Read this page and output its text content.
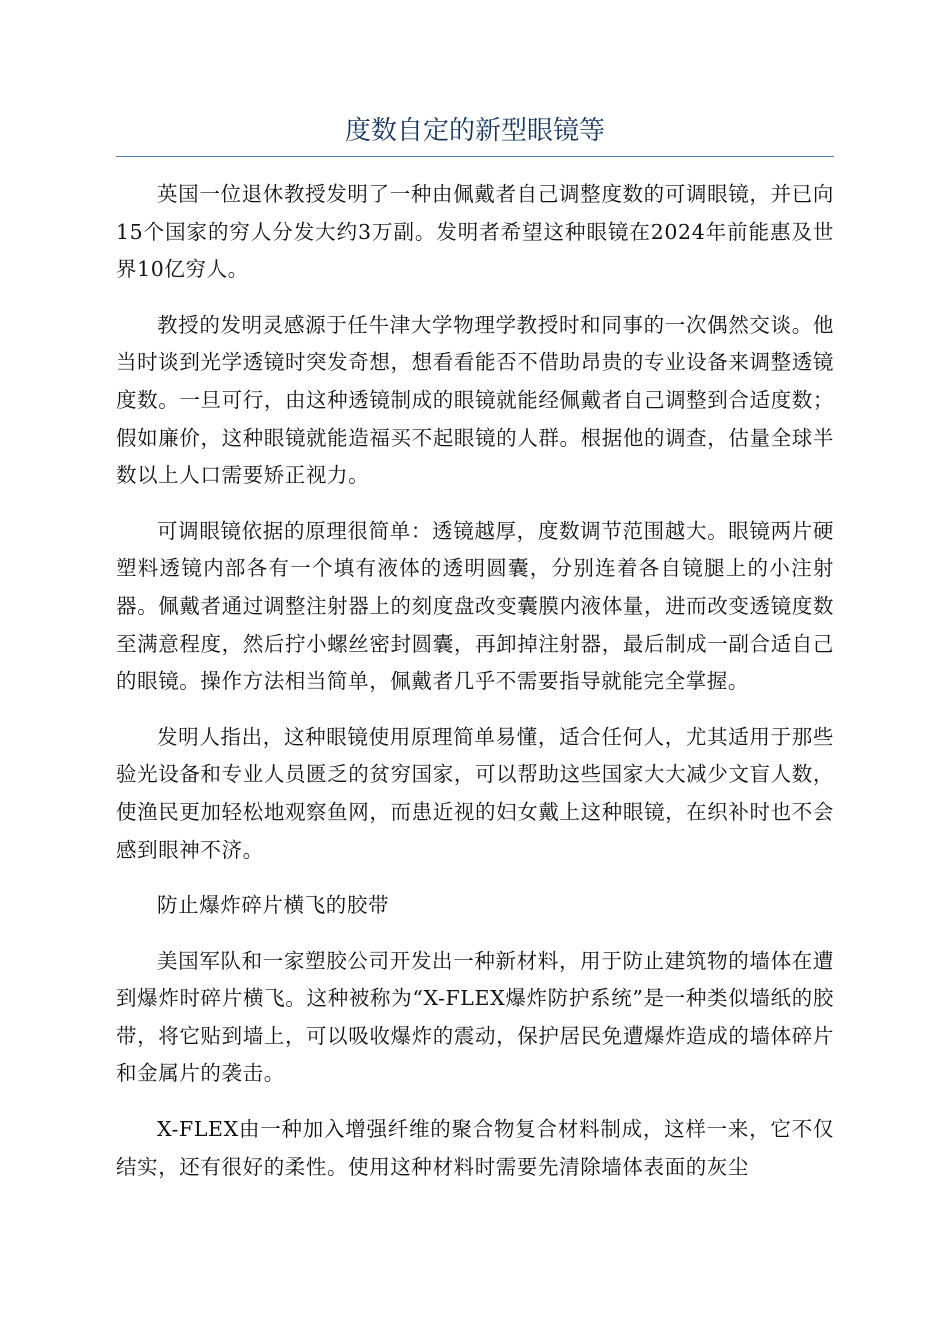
度数自定的新型眼镜等

英国一位退休教授发明了一种由佩戴者自己调整度数的可调眼镜，并已向15个国家的穷人分发大约3万副。发明者希望这种眼镜在2024年前能惠及世界10亿穷人。

教授的发明灵感源于任牛津大学物理学教授时和同事的一次偶然交谈。他当时谈到光学透镜时突发奇想，想看看能否不借助昂贵的专业设备来调整透镜度数。一旦可行，由这种透镜制成的眼镜就能经佩戴者自己调整到合适度数；假如廉价，这种眼镜就能造福买不起眼镜的人群。根据他的调查，估量全球半数以上人口需要矫正视力。

可调眼镜依据的原理很简单：透镜越厚，度数调节范围越大。眼镜两片硬塑料透镜内部各有一个填有液体的透明圆囊，分别连着各自镜腿上的小注射器。佩戴者通过调整注射器上的刻度盘改变囊膜内液体量，进而改变透镜度数至满意程度，然后拧小螺丝密封圆囊，再卸掉注射器，最后制成一副合适自己的眼镜。操作方法相当简单，佩戴者几乎不需要指导就能完全掌握。

发明人指出，这种眼镜使用原理简单易懂，适合任何人，尤其适用于那些验光设备和专业人员匮乏的贫穷国家，可以帮助这些国家大大减少文盲人数，使渔民更加轻松地观察鱼网，而患近视的妇女戴上这种眼镜，在织补时也不会感到眼神不济。

防止爆炸碎片横飞的胶带

美国军队和一家塑胶公司开发出一种新材料，用于防止建筑物的墙体在遭到爆炸时碎片横飞。这种被称为“X-FLEX爆炸防护系统”是一种类似墙纸的胶带，将它贴到墙上，可以吸收爆炸的震动，保护居民免遭爆炸造成的墙体碎片和金属片的袭击。

X-FLEX由一种加入增强纤维的聚合物复合材料制成，这样一来，它不仅结实，还有很好的柔性。使用这种材料时需要先清除墙体表面的灰尘
